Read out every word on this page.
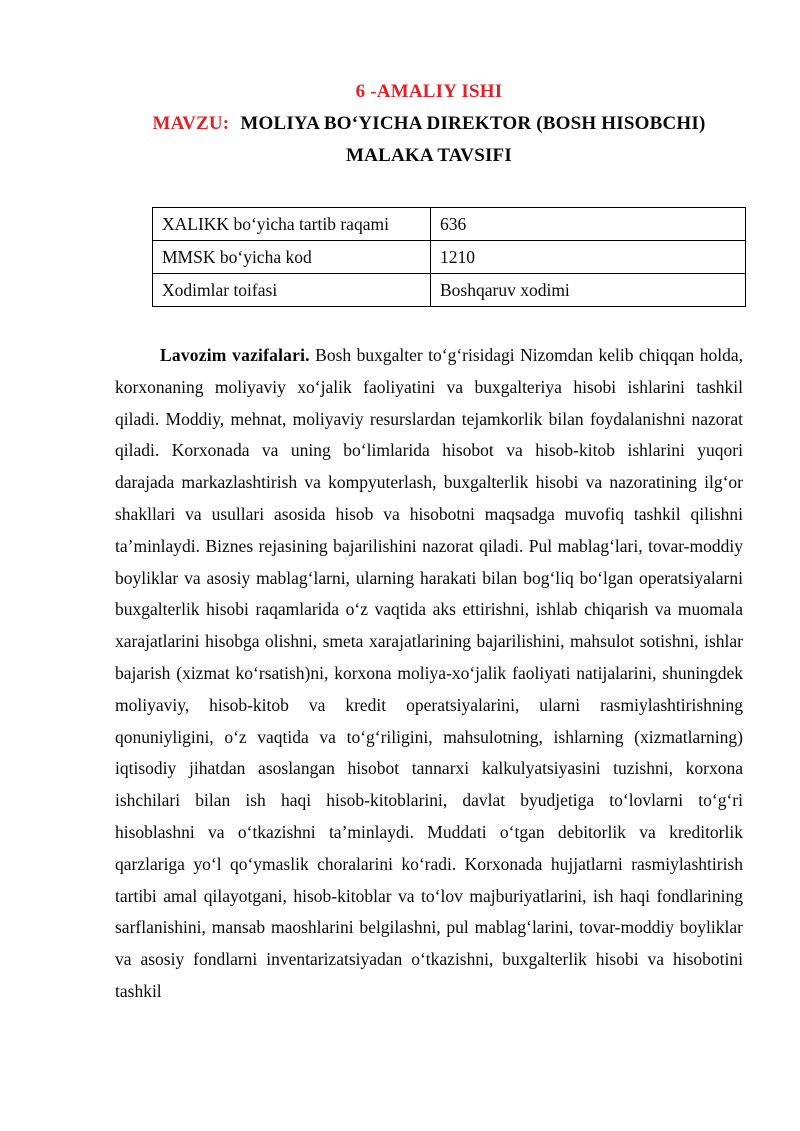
6 -AMALIY ISHI

MAVZU: MOLIYA BO‘YICHA DIREKTOR (BOSH HISOBCHI)

MALAKA TAVSIFI

XALIKK bo‘yicha tartib raqami	636
MMSK bo‘yicha kod	1210
Xodimlar toifasi	Boshqaruv xodimi

Lavozim vazifalari. Bosh buxgalter to‘g‘risidagi Nizomdan kelib chiqqan holda, korxonaning moliyaviy xo‘jalik faoliyatini va buxgalteriya hisobi ishlarini tashkil qiladi. Moddiy, mehnat, moliyaviy resurslardan tejamkorlik bilan foydalanishni nazorat qiladi. Korxonada va uning bo‘limlarida hisobot va hisob-kitob ishlarini yuqori darajada markazlashtirish va kompyuterlash, buxgalterlik hisobi va nazoratining ilg‘or shakllari va usullari asosida hisob va hisobotni maqsadga muvofiq tashkil qilishni ta’minlaydi. Biznes rejasining bajarilishini nazorat qiladi. Pul mablag‘lari, tovar-moddiy boyliklar va asosiy mablag‘larni, ularning harakati bilan bog‘liq bo‘lgan operatsiyalarni buxgalterlik hisobi raqamlarida o‘z vaqtida aks ettirishni, ishlab chiqarish va muomala xarajatlarini hisobga olishni, smeta xarajatlarining bajarilishini, mahsulot sotishni, ishlar bajarish (xizmat ko‘rsatish)ni, korxona moliya-xo‘jalik faoliyati natijalarini, shuningdek moliyaviy, hisob-kitob va kredit operatsiyalarini, ularni rasmiylashtirishning qonuniyligini, o‘z vaqtida va to‘g‘riligini, mahsulotning, ishlarning (xizmatlarning) iqtisodiy jihatdan asoslangan hisobot tannarxi kalkulyatsiyasini tuzishni, korxona ishchilari bilan ish haqi hisob-kitoblarini, davlat byudjetiga to‘lovlarni to‘g‘ri hisoblashni va o‘tkazishni ta’minlaydi. Muddati o‘tgan debitorlik va kreditorlik qarzlariga yo‘l qo‘ymaslik choralarini ko‘radi. Korxonada hujjatlarni rasmiylashtirish tartibi amal qilayotgani, hisob-kitoblar va to‘lov majburiyatlarini, ish haqi fondlarining sarflanishini, mansab maoshlarini belgilashni, pul mablag‘larini, tovar-moddiy boyliklar va asosiy fondlarni inventarizatsiyadan o‘tkazishni, buxgalterlik hisobi va hisobotini tashkil
